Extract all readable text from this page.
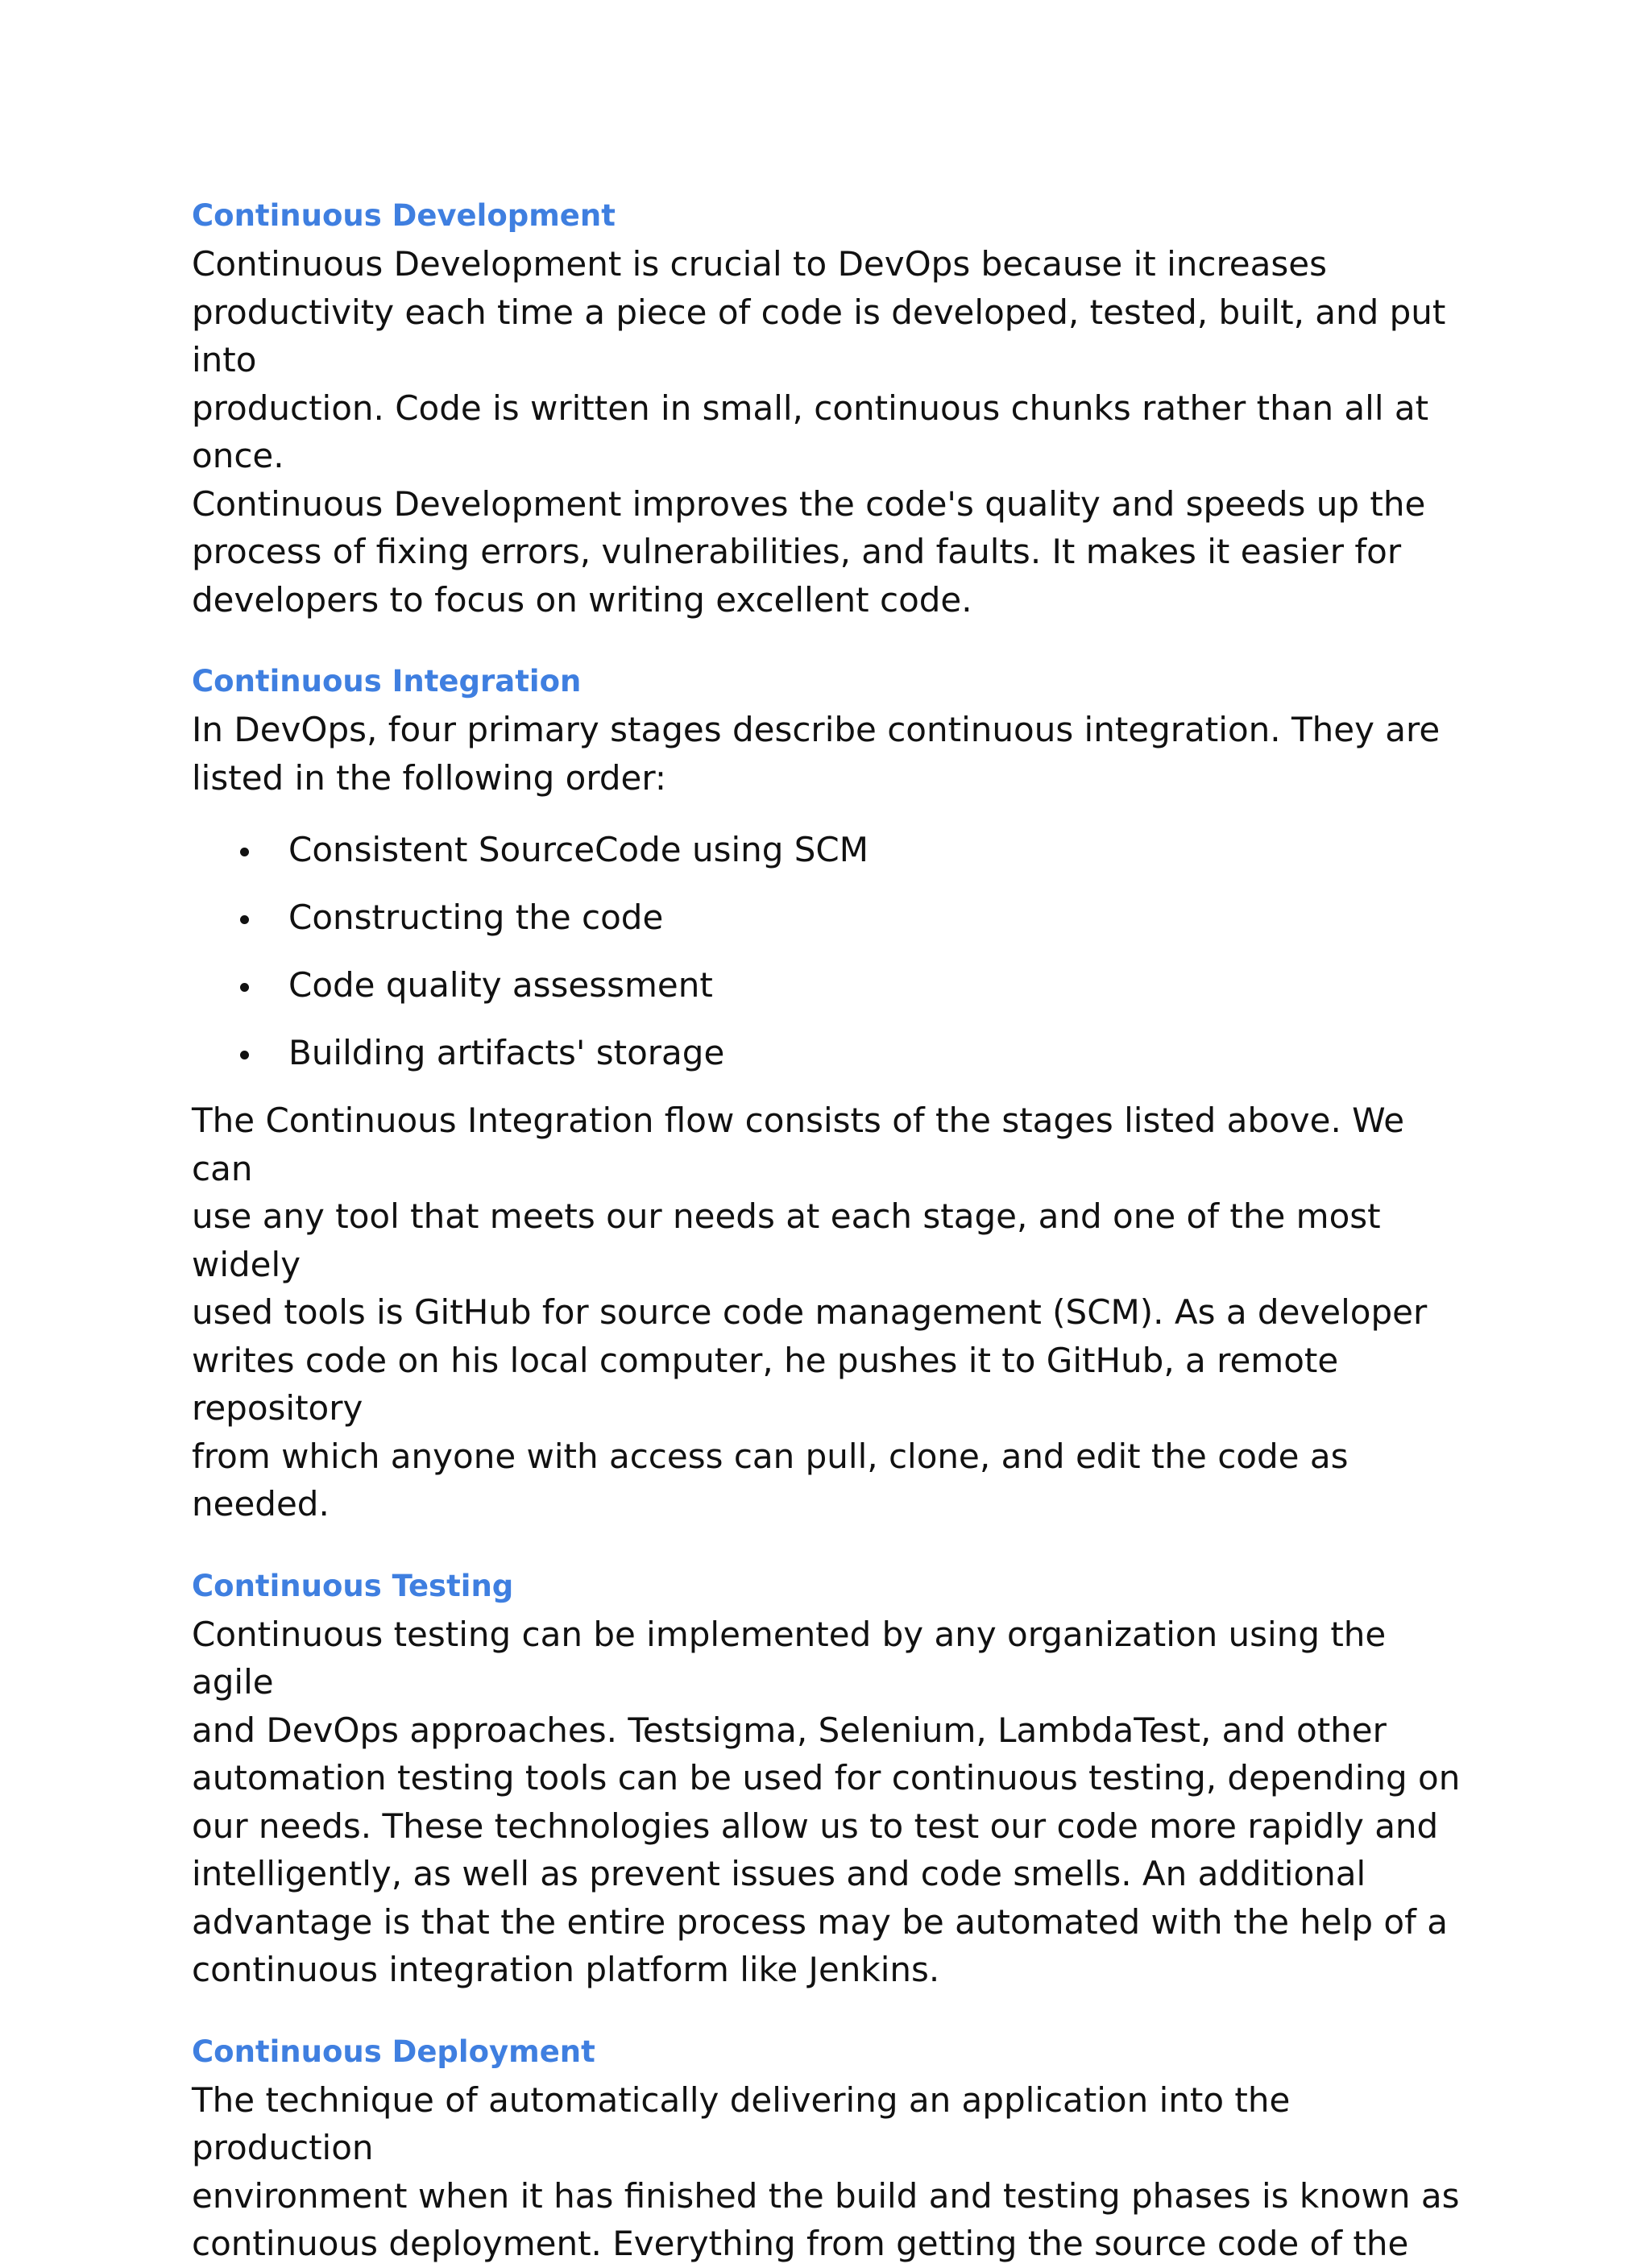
Continuous Development

Continuous Development is crucial to DevOps because it increases
productivity each time a piece of code is developed, tested, built, and put into
production. Code is written in small, continuous chunks rather than all at once.
Continuous Development improves the code's quality and speeds up the
process of fixing errors, vulnerabilities, and faults. It makes it easier for
developers to focus on writing excellent code.

Continuous Integration

In DevOps, four primary stages describe continuous integration. They are
listed in the following order:

Consistent SourceCode using SCM
Constructing the code
Code quality assessment
Building artifacts' storage

The Continuous Integration flow consists of the stages listed above. We can
use any tool that meets our needs at each stage, and one of the most widely
used tools is GitHub for source code management (SCM). As a developer
writes code on his local computer, he pushes it to GitHub, a remote repository
from which anyone with access can pull, clone, and edit the code as needed.

Continuous Testing

Continuous testing can be implemented by any organization using the agile
and DevOps approaches. Testsigma, Selenium, LambdaTest, and other
automation testing tools can be used for continuous testing, depending on
our needs. These technologies allow us to test our code more rapidly and
intelligently, as well as prevent issues and code smells. An additional
advantage is that the entire process may be automated with the help of a
continuous integration platform like Jenkins.

Continuous Deployment

The technique of automatically delivering an application into the production
environment when it has finished the build and testing phases is known as
continuous deployment. Everything from getting the source code of the
